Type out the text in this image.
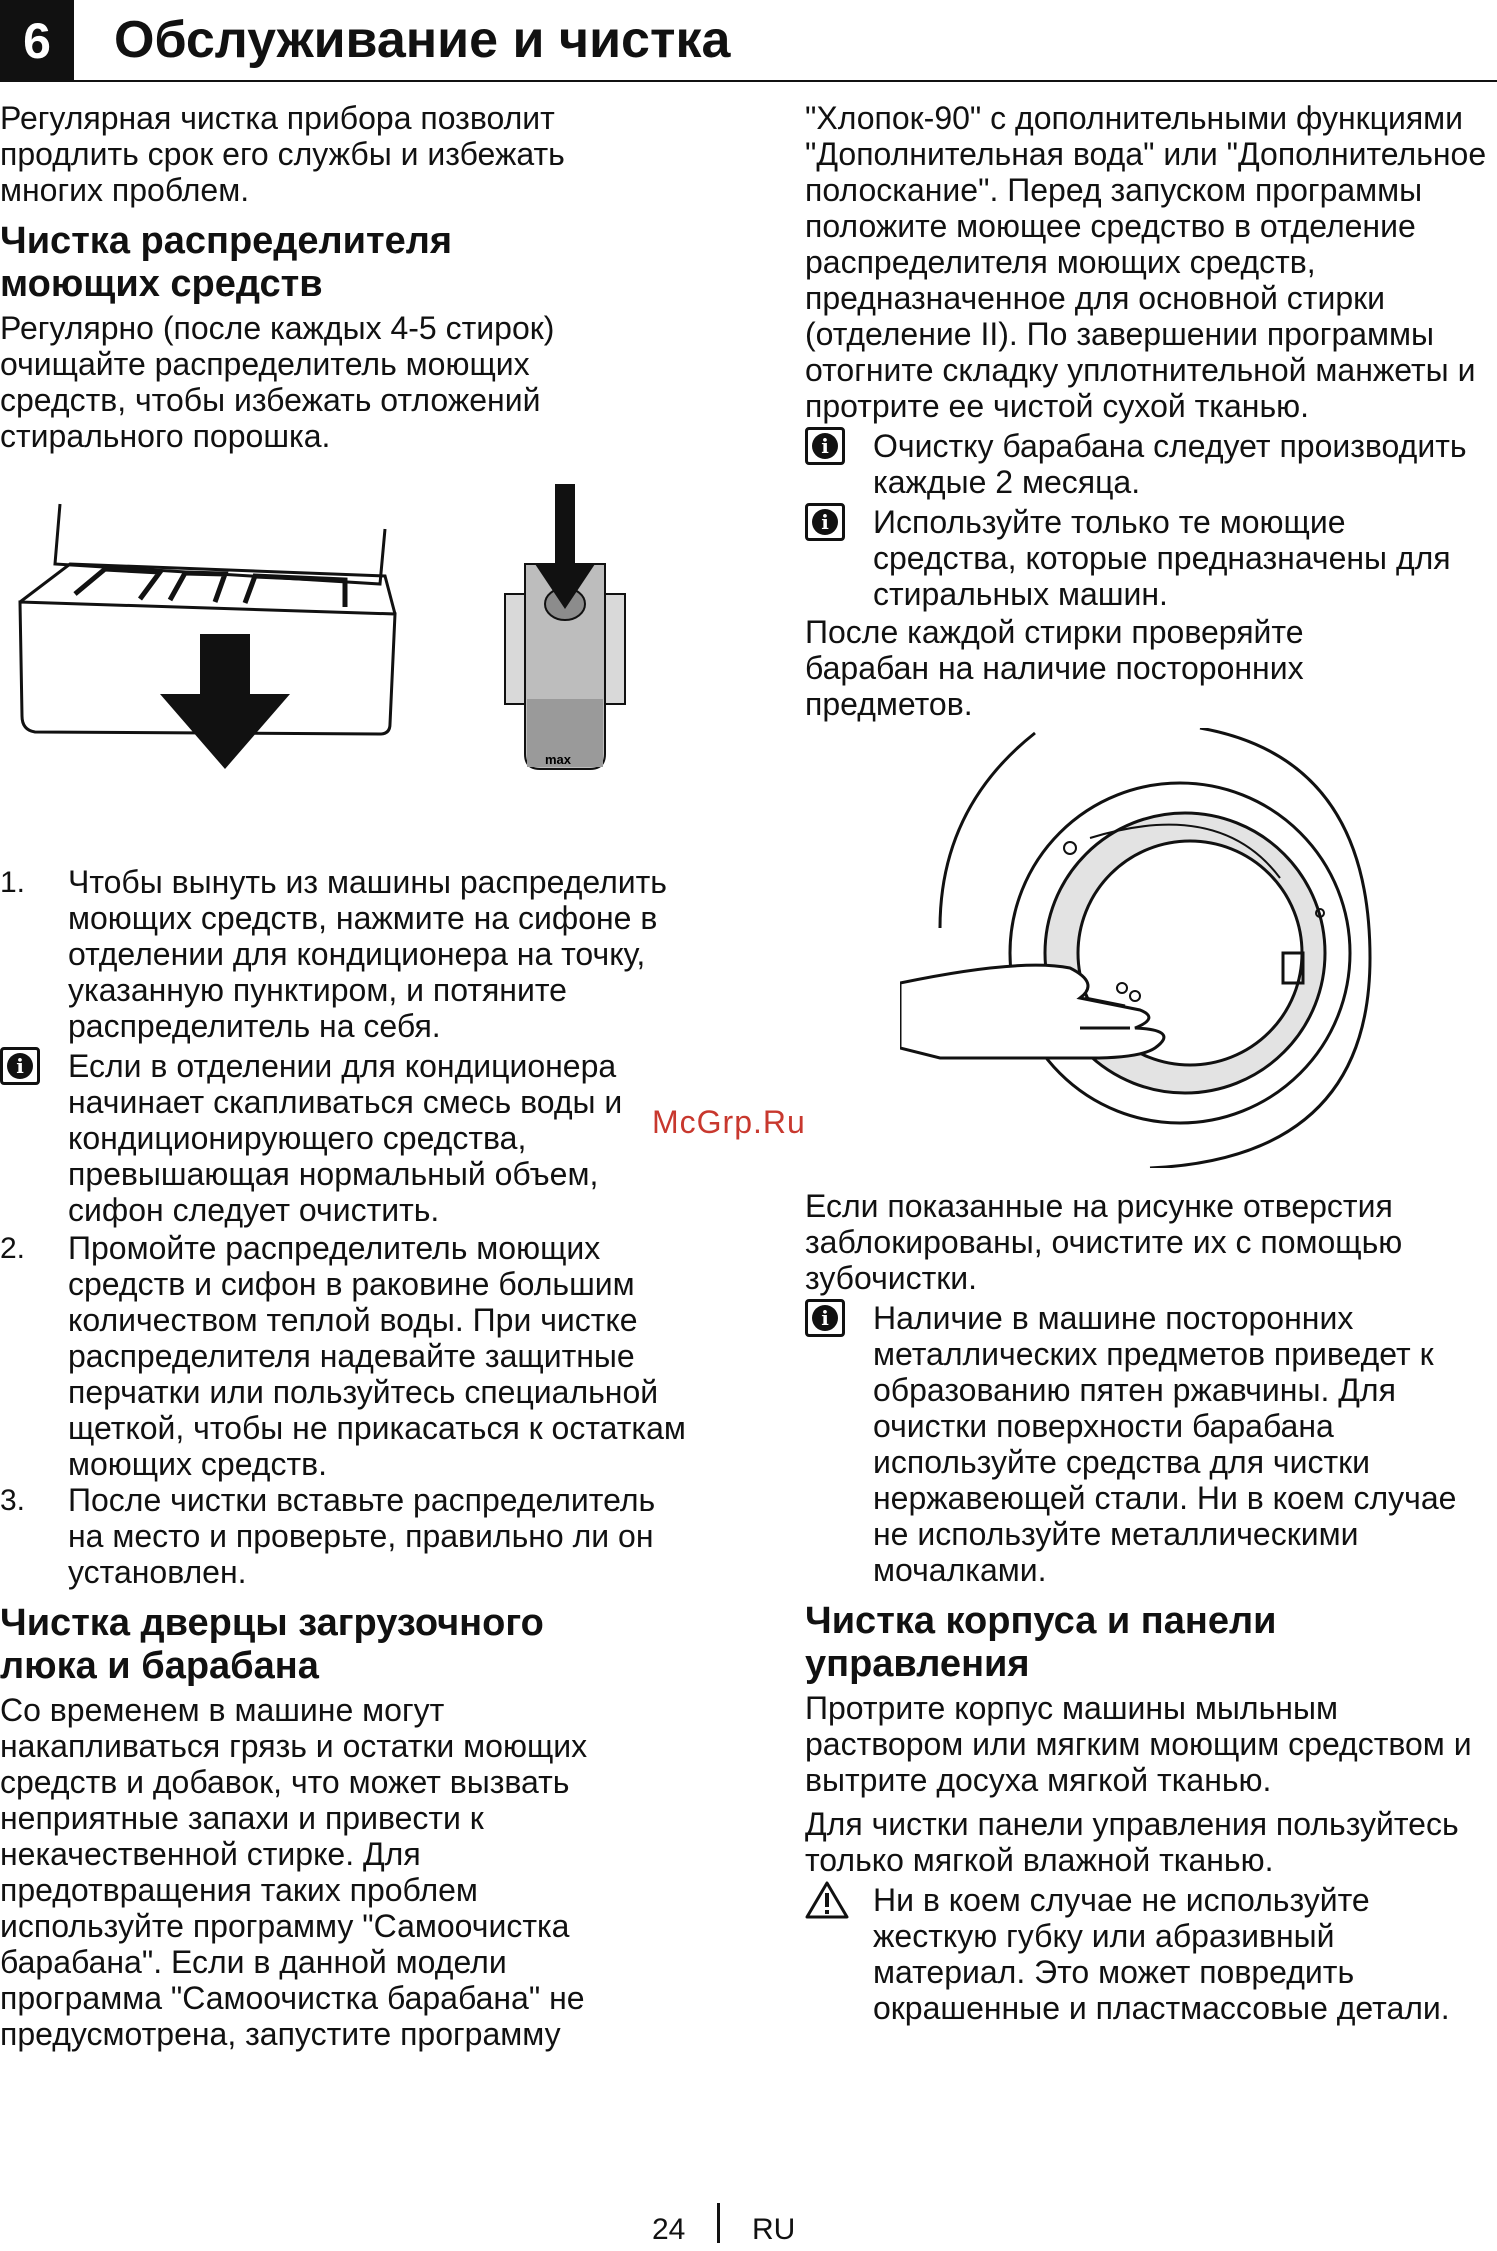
6	Обслуживание и чистка

Регулярная чистка прибора позволит продлить срок его службы и избежать многих проблем.

Чистка распределителя моющих средств

Регулярно (после каждых 4-5 стирок) очищайте распределитель моющих средств, чтобы избежать отложений стирального порошка.

max
1.	Чтобы вынуть из машины распределить моющих средств, нажмите на сифоне в отделении для кондиционера на точку, указанную пунктиром, и потяните распределитель на себя.
i Если в отделении для кондиционера начинает скапливаться смесь воды и кондиционирующего средства, превышающая нормальный объем, сифон следует очистить.
2.	Промойте распределитель моющих средств и сифон в раковине большим количеством теплой воды. При чистке распределителя надевайте защитные перчатки или пользуйтесь специальной щеткой, чтобы не прикасаться к остаткам моющих средств.
3.	После чистки вставьте распределитель на место и проверьте, правильно ли он установлен.
Чистка дверцы загрузочного люка и барабана

Со временем в машине могут накапливаться грязь и остатки моющих средств и добавок, что может вызвать неприятные запахи и привести к некачественной стирке. Для предотвращения таких проблем используйте программу "Самоочистка барабана". Если в данной модели программа "Самоочистка барабана" не предусмотрена, запустите программу

"Хлопок-90" с дополнительными функциями "Дополнительная вода" или "Дополнительное полоскание". Перед запуском программы положите моющее средство в отделение распределителя моющих средств, предназначенное для основной стирки (отделение II). По завершении программы отогните складку уплотнительной манжеты и протрите ее чистой сухой тканью.

i Очистку барабана следует производить каждые 2 месяца.
i Используйте только те моющие средства, которые предназначены для стиральных машин.

После каждой стирки проверяйте барабан на наличие посторонних предметов.

Если показанные на рисунке отверстия заблокированы, очистите их с помощью зубочистки.

i Наличие в машине посторонних металлических предметов приведет к образованию пятен ржавчины. Для очистки поверхности барабана используйте средства для чистки нержавеющей стали. Ни в коем случае не используйте металлическими мочалками.
Чистка корпуса и панели управления

Протрите корпус машины мыльным раствором или мягким моющим средством и вытрите досуха мягкой тканью.

Для чистки панели управления пользуйтесь только мягкой влажной тканью.

Ни в коем случае не используйте жесткую губку или абразивный материал. Это может повредить окрашенные и пластмассовые детали.
McGrp.Ru
24 RU
